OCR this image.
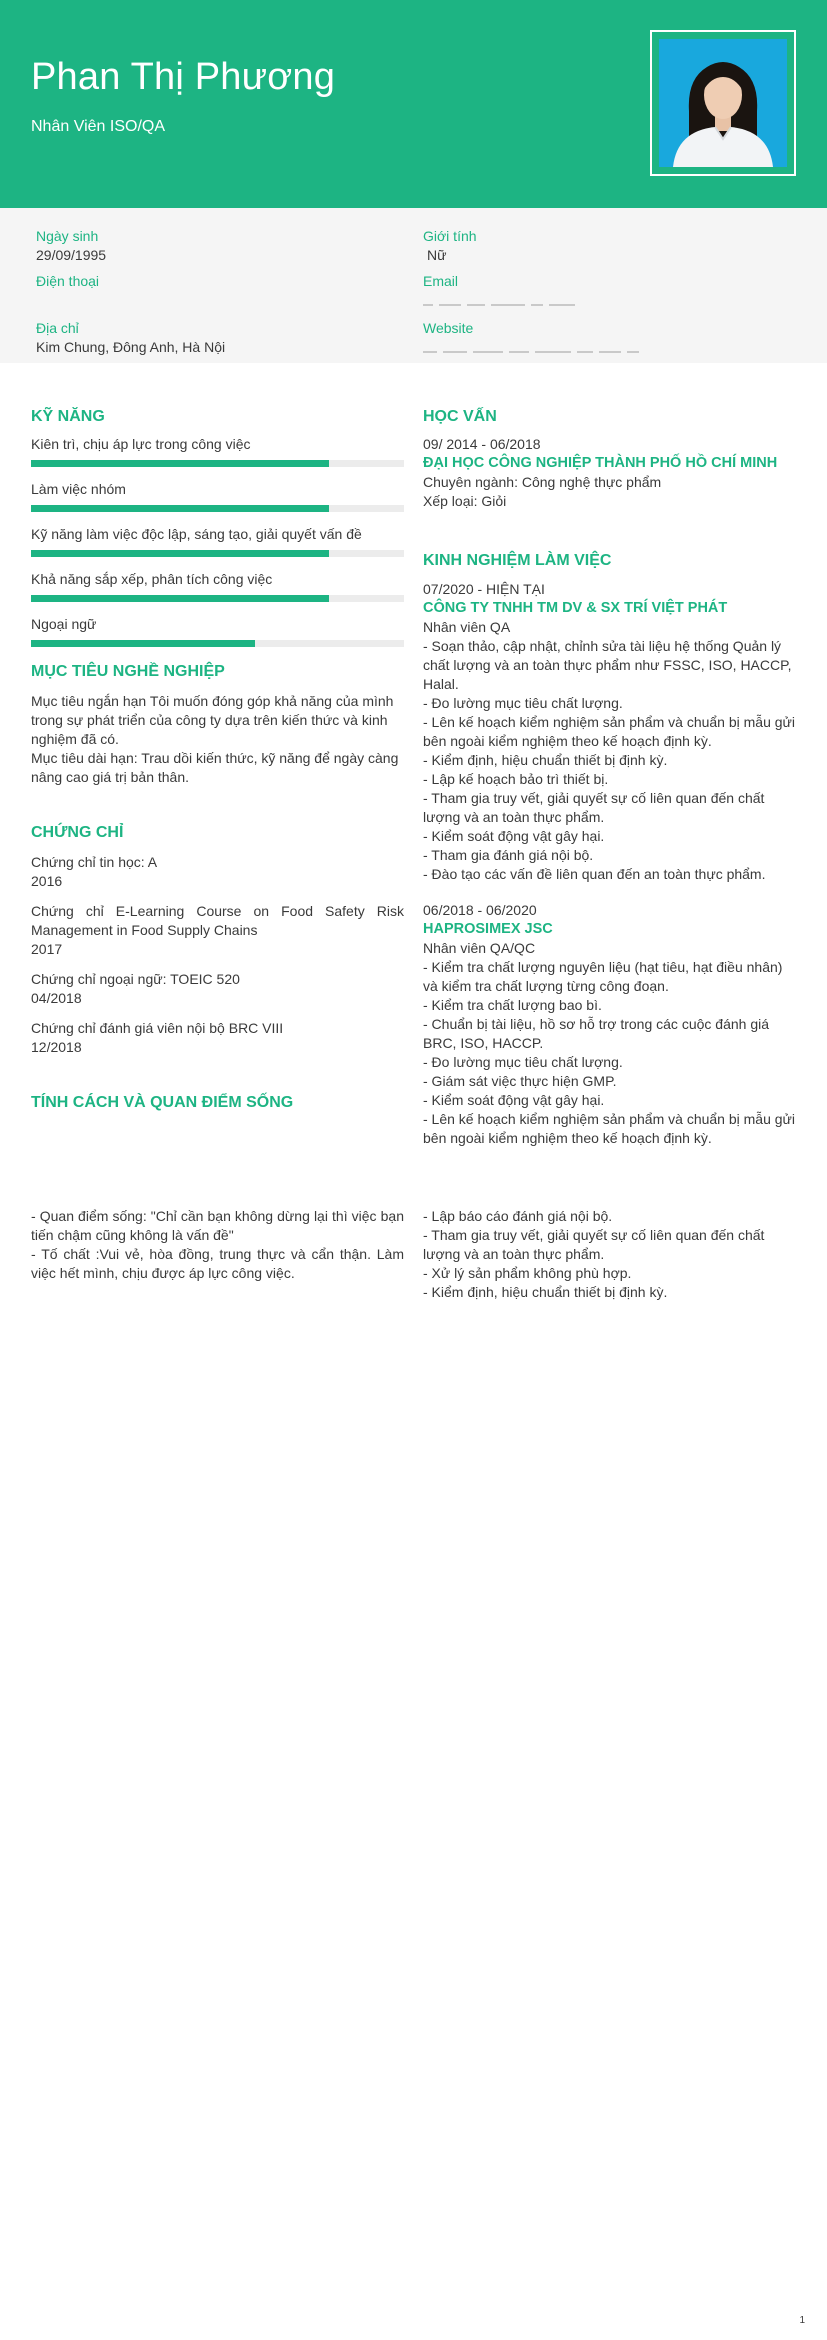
Phan Thị Phương
Nhân Viên ISO/QA
Ngày sinh
29/09/1995
Giới tính
Nữ
Điện thoại	Email
Địa chỉ
Kim Chung, Đông Anh, Hà Nội
Website
KỸ NĂNG
Kiên trì, chịu áp lực trong công việc
Làm việc nhóm
Kỹ năng làm việc độc lập, sáng tạo, giải quyết vấn đề
Khả năng sắp xếp, phân tích công việc
Ngoại ngữ
MỤC TIÊU NGHỀ NGHIỆP
Mục tiêu ngắn hạn Tôi muốn đóng góp khả năng của mình trong sự phát triển của công ty dựa trên kiến thức và kinh nghiệm đã có.
Mục tiêu dài hạn: Trau dồi kiến thức, kỹ năng để ngày càng nâng cao giá trị bản thân.
CHỨNG CHỈ
Chứng chỉ tin học: A
2016
Chứng chỉ E-Learning Course on Food Safety Risk Management in Food Supply Chains
2017
Chứng chỉ ngoại ngữ: TOEIC 520
04/2018
Chứng chỉ đánh giá viên nội bộ BRC VIII
12/2018
TÍNH CÁCH VÀ QUAN ĐIỂM SỐNG
- Quan điểm sống: "Chỉ cần bạn không dừng lại thì việc bạn tiến chậm cũng không là vấn đề"
- Tố chất :Vui vẻ, hòa đồng, trung thực và cẩn thận. Làm việc hết mình, chịu được áp lực công việc.
HỌC VẤN
09/ 2014 - 06/2018
ĐẠI HỌC CÔNG NGHIỆP THÀNH PHỐ HỒ CHÍ MINH
Chuyên ngành: Công nghệ thực phẩm
Xếp loại: Giỏi
KINH NGHIỆM LÀM VIỆC
07/2020 - HIỆN TẠI
CÔNG TY TNHH TM DV & SX TRÍ VIỆT PHÁT
Nhân viên QA
- Soạn thảo, cập nhật, chỉnh sửa tài liệu hệ thống Quản lý chất lượng và an toàn thực phẩm như FSSC, ISO, HACCP, Halal.
- Đo lường mục tiêu chất lượng.
- Lên kế hoạch kiểm nghiệm sản phẩm và chuẩn bị mẫu gửi bên ngoài kiểm nghiệm theo kế hoạch định kỳ.
- Kiểm định, hiệu chuẩn thiết bị định kỳ.
- Lập kế hoạch bảo trì thiết bị.
- Tham gia truy vết, giải quyết sự cố liên quan đến chất lượng và an toàn thực phẩm.
- Kiểm soát động vật gây hại.
- Tham gia đánh giá nội bộ.
- Đào tạo các vấn đề liên quan đến an toàn thực phẩm.
06/2018 - 06/2020
HAPROSIMEX JSC
Nhân viên QA/QC
- Kiểm tra chất lượng nguyên liệu (hạt tiêu, hạt điều nhân) và kiểm tra chất lượng từng công đoạn.
- Kiểm tra chất lượng bao bì.
- Chuẩn bị tài liệu, hồ sơ hỗ trợ trong các cuộc đánh giá BRC, ISO, HACCP.
- Đo lường mục tiêu chất lượng.
- Giám sát việc thực hiện GMP.
- Kiểm soát động vật gây hại.
- Lên kế hoạch kiểm nghiệm sản phẩm và chuẩn bị mẫu gửi bên ngoài kiểm nghiệm theo kế hoạch định kỳ.
- Lập báo cáo đánh giá nội bộ.
- Tham gia truy vết, giải quyết sự cố liên quan đến chất lượng và an toàn thực phẩm.
- Xử lý sản phẩm không phù hợp.
- Kiểm định, hiệu chuẩn thiết bị định kỳ.
1
